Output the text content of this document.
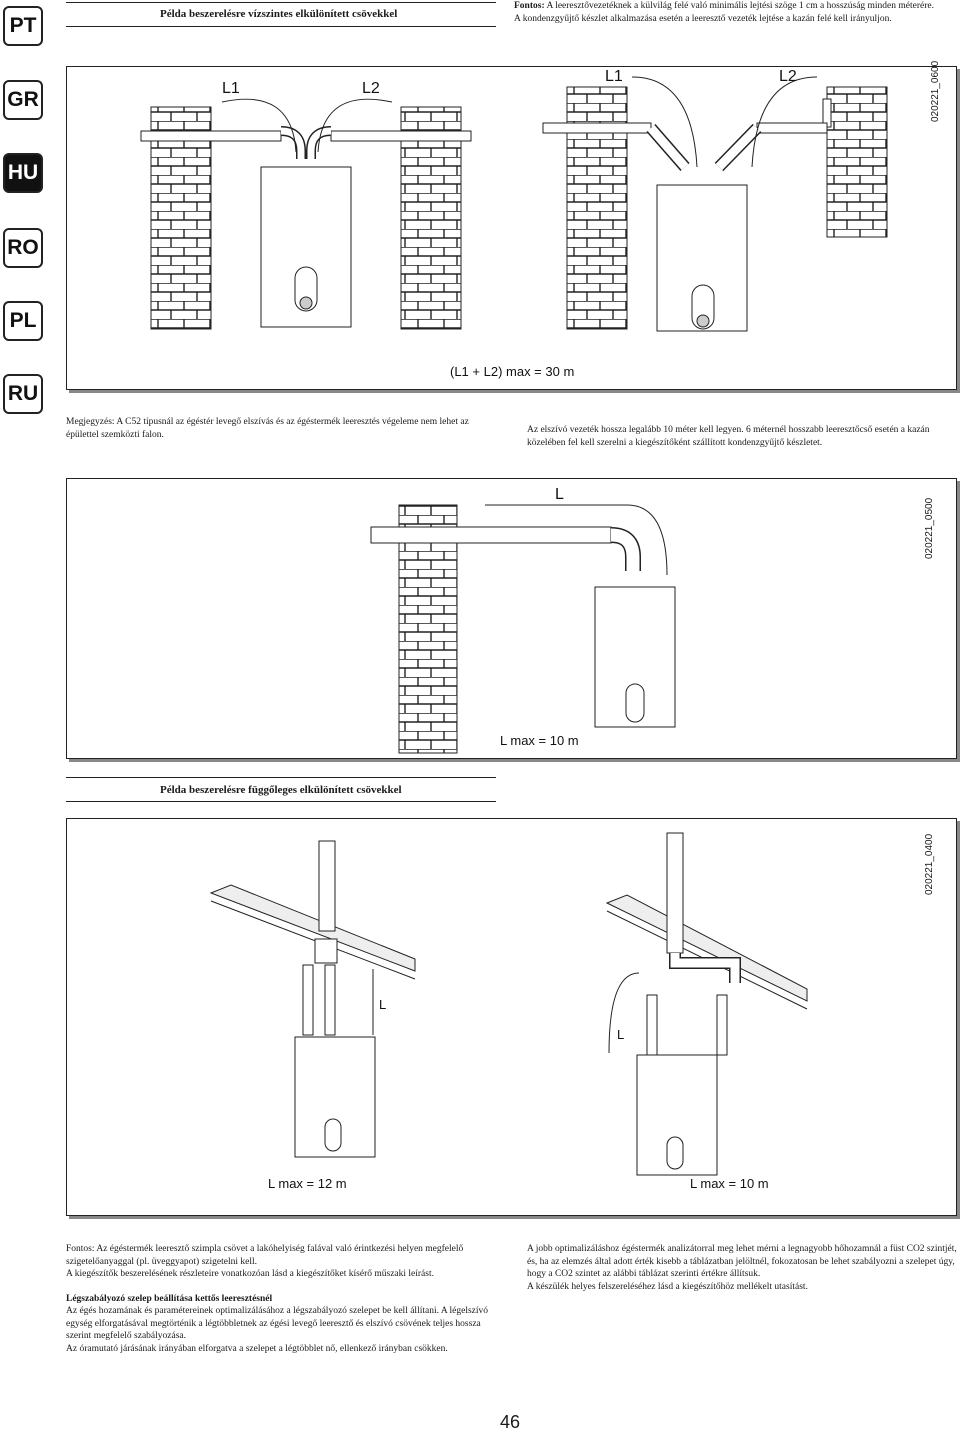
PT
GR
HU
RO
PL
RU
Példa beszerelésre vízszintes elkülönített csövekkel
Fontos: A leeresztővezetéknek a külvilág felé való minimális lejtési szöge 1 cm a hosszúság minden méterére.
A kondenzgyűjtő készlet alkalmazása esetén a leeresztő vezeték lejtése a kazán felé kell irányuljon.
L1	L2
L1	L2	020221_0600
(L1 + L2) max = 30 m
Megjegyzés: A C52 típusnál az égéstér levegő elszívás és az égéstermék leeresztés végeleme nem lehet az épülettel szemközti falon.	Az elszívó vezeték hossza legalább 10 méter kell legyen. 6 méternél hosszabb leeresztőcső esetén a kazán közelében fel kell szerelni a kiegészítőként szállított kondenzgyűjtő készletet.
L
020221_0500
L max = 10 m
Példa beszerelésre függőleges elkülönített csövekkel
L
L
020221_0400
L max = 12 m	L max = 10 m

Fontos: Az égéstermék leeresztő szimpla csövet a lakóhelyiség falával való érintkezési helyen megfelelő szigetelőanyaggal (pl. üveggyapot) szigetelni kell.

A kiegészítők beszerelésének részleteire vonatkozóan lásd a kiegészítőket kísérő műszaki leírást.

Légszabályozó szelep beállítása kettős leeresztésnél

Az égés hozamának és paramétereinek optimalizálásához a légszabályozó szelepet be kell állítani. A légelszívó egység elforgatásával megtörténik a légtöbbletnek az égési levegő leeresztő és elszívó csövének teljes hossza szerint megfelelő szabályozása.

Az óramutató járásának irányában elforgatva a szelepet a légtöbblet nő, ellenkező irányban csökken.

A jobb optimalizáláshoz égéstermék analizátorral meg lehet mérni a legnagyobb hőhozamnál a füst CO2 szintjét, és, ha az elemzés által adott érték kisebb a táblázatban jelöltnél, fokozatosan be lehet szabályozni a szelepet úgy, hogy a CO2 szintet az alábbi táblázat szerinti értékre állítsuk.

A készülék helyes felszereléséhez lásd a kiegészítőhöz mellékelt utasítást.

46
